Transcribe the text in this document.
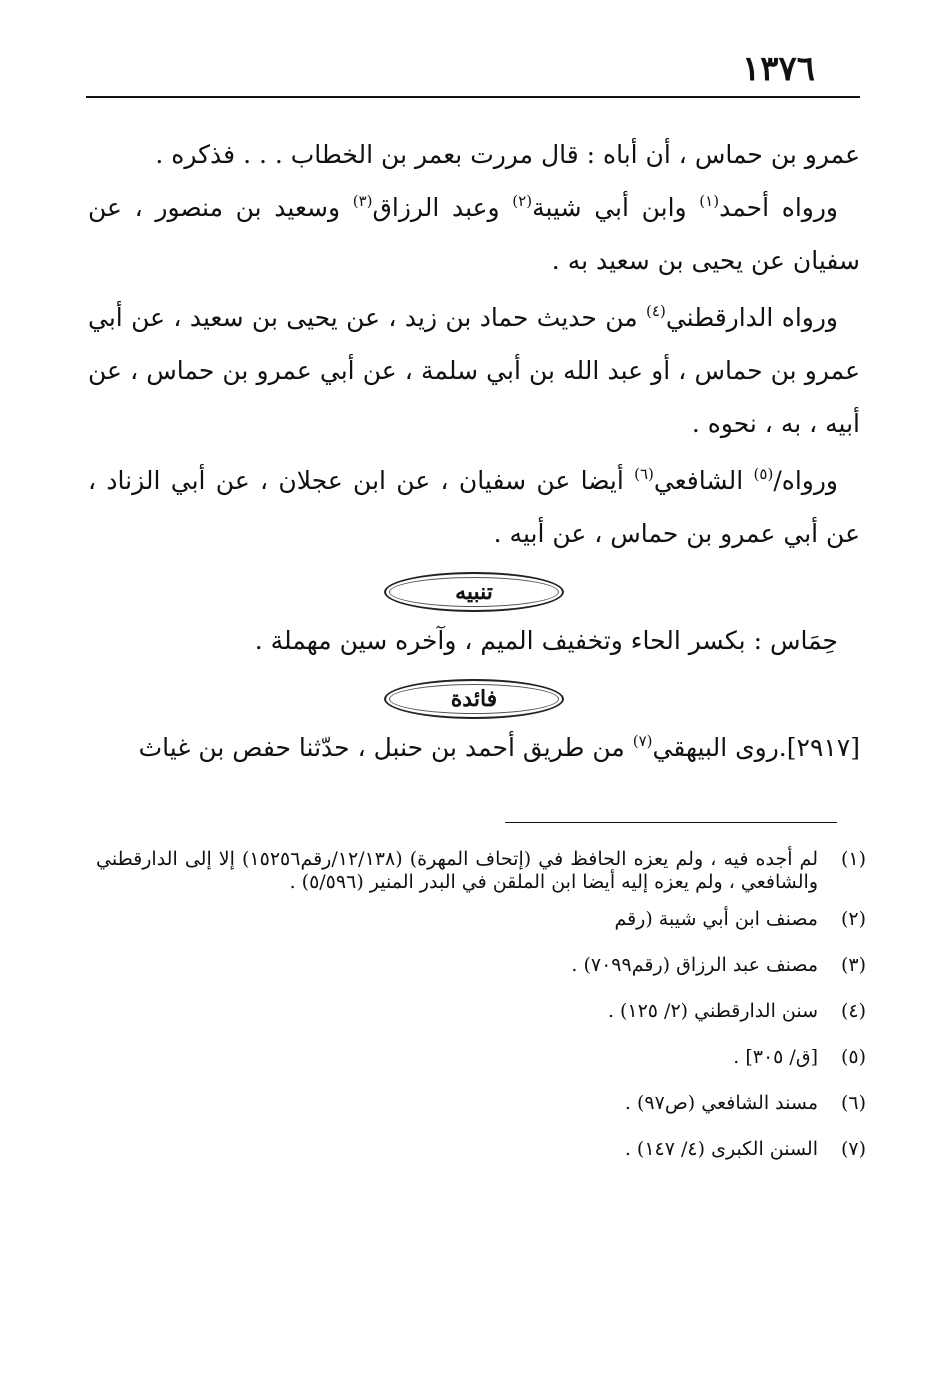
١٣٧٦

عمرو بن حماس ، أن أباه : قال مررت بعمر بن الخطاب . . . فذكره .

ورواه أحمد$^{(١)}$ وابن أبي شيبة$^{(٢)}$ وعبد الرزاق$^{(٣)}$ وسعيد بن منصور ، عن سفيان عن يحيى بن سعيد به .

ورواه الدارقطني$^{(٤)}$ من حديث حماد بن زيد ، عن يحيى بن سعيد ، عن أبي عمرو بن حماس ، أو عبد الله بن أبي سلمة ، عن أبي عمرو بن حماس ، عن أبيه ، به ، نحوه .

ورواه/$^{(٥)}$ الشافعي$^{(٦)}$ أيضا عن سفيان ، عن ابن عجلان ، عن أبي الزناد ، عن أبي عمرو بن حماس ، عن أبيه .

تنبيه

حِمَاس : بكسر الحاء وتخفيف الميم ، وآخره سين مهملة .

فائدة

[٢٩١٧].روى البيهقي$^{(٧)}$ من طريق أحمد بن حنبل ، حدّثنا حفص بن غياث

(١)
لم أجده فيه ، ولم يعزه الحافظ في (إتحاف المهرة) (١٢/١٣٨/رقم١٥٢٥٦) إلا إلى الدارقطني والشافعي ، ولم يعزه إليه أيضا ابن الملقن في البدر المنير (٥/٥٩٦) .
(٢)
مصنف ابن أبي شيبة (رقم
(٣)
مصنف عبد الرزاق (رقم٧٠٩٩) .
(٤)
سنن الدارقطني (٢/ ١٢٥) .
(٥)
[ق/ ٣٠٥] .
(٦)
مسند الشافعي (ص٩٧) .
(٧)
السنن الكبرى (٤/ ١٤٧) .
